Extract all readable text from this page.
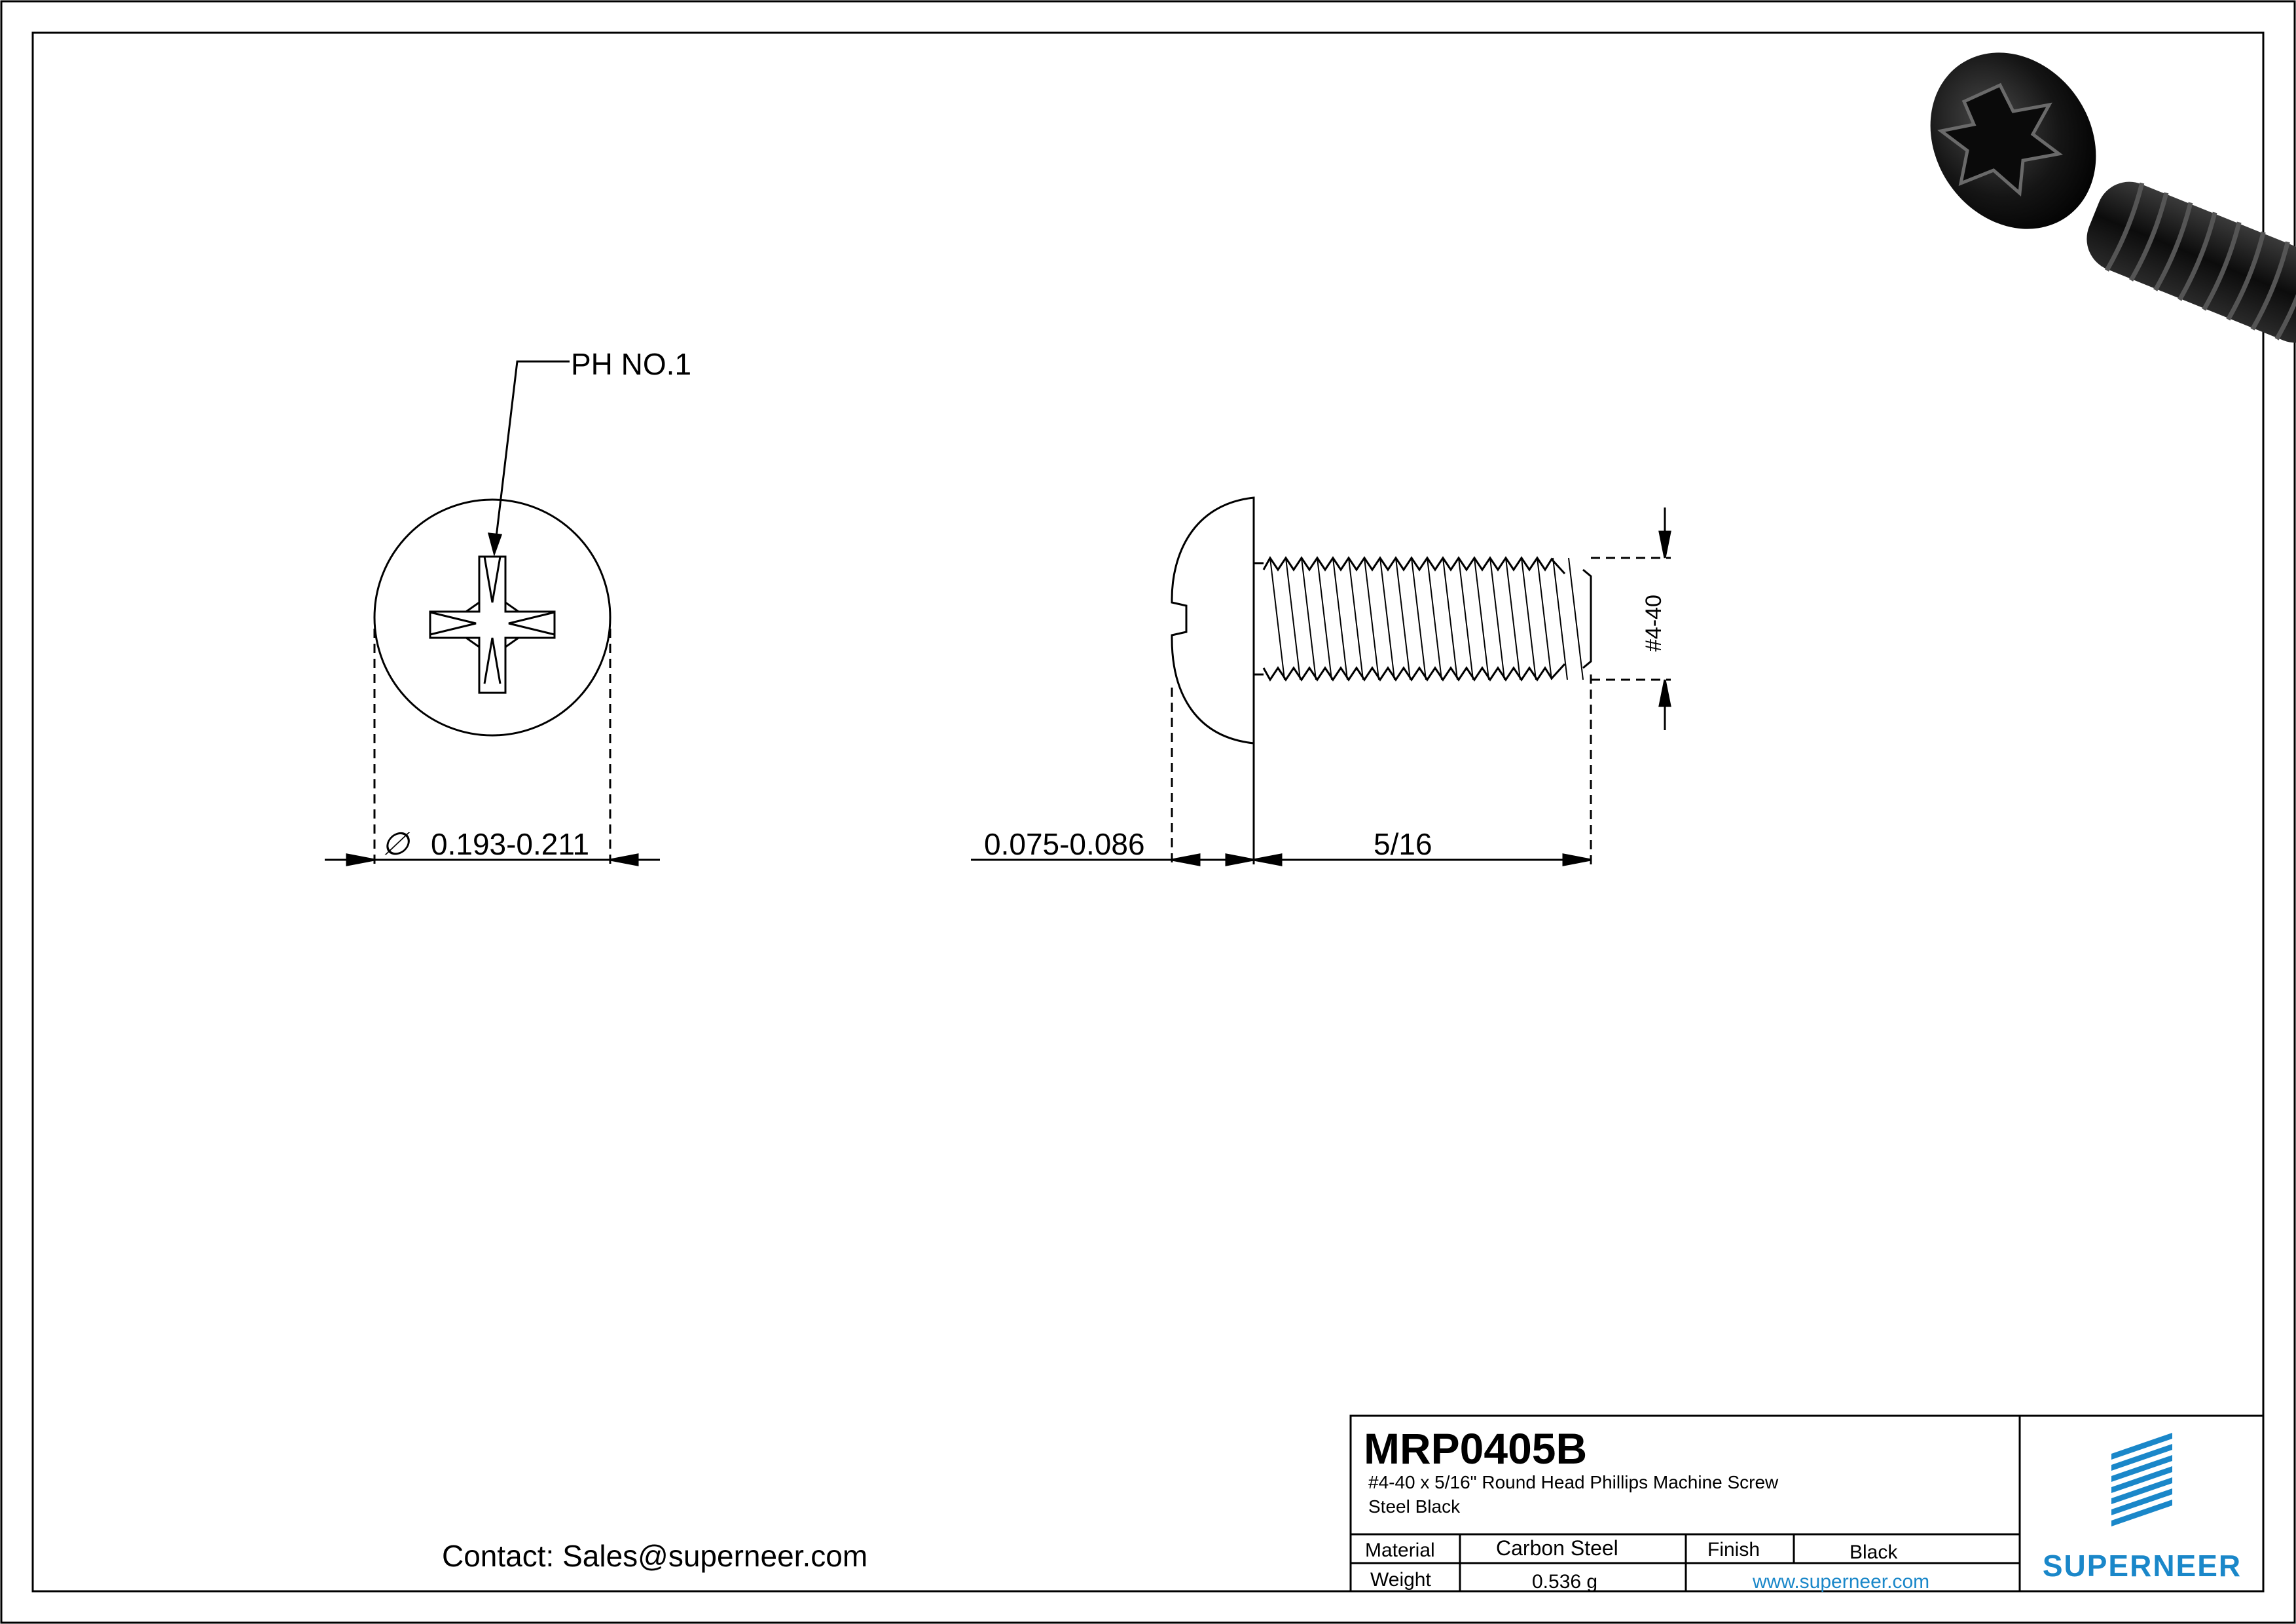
PH NO.1
∅ 0.193-0.211	0.075-0.086	5/16
#4-40
Contact: Sales@superneer.com
MRP0405B
#4-40 x 5/16" Round Head Phillips Machine Screw
Steel Black
Material	Carbon Steel	Finish	Black
Weight	0.536 g	www.superneer.com	SUPERNEER
